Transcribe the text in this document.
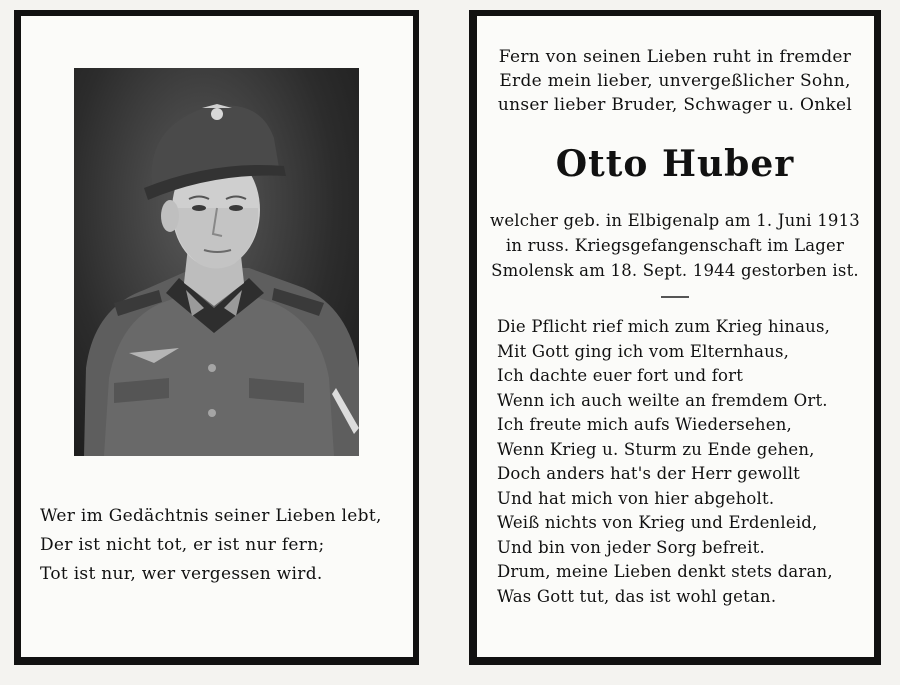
Wer im Gedächtnis seiner Lieben lebt,
Der ist nicht tot, er ist nur fern;
Tot ist nur, wer vergessen wird.
Fern von seinen Lieben ruht in fremder
Erde mein lieber, unvergeßlicher Sohn,
unser lieber Bruder, Schwager u. Onkel
Otto Huber
welcher geb. in Elbigenalp am 1. Juni 1913
in russ. Kriegsgefangenschaft im Lager
Smolensk am 18. Sept. 1944 gestorben ist.
Die Pflicht rief mich zum Krieg hinaus,
Mit Gott ging ich vom Elternhaus,
Ich dachte euer fort und fort
Wenn ich auch weilte an fremdem Ort.
Ich freute mich aufs Wiedersehen,
Wenn Krieg u. Sturm zu Ende gehen,
Doch anders hat's der Herr gewollt
Und hat mich von hier abgeholt.
Weiß nichts von Krieg und Erdenleid,
Und bin von jeder Sorg befreit.
Drum, meine Lieben denkt stets daran,
Was Gott tut, das ist wohl getan.
